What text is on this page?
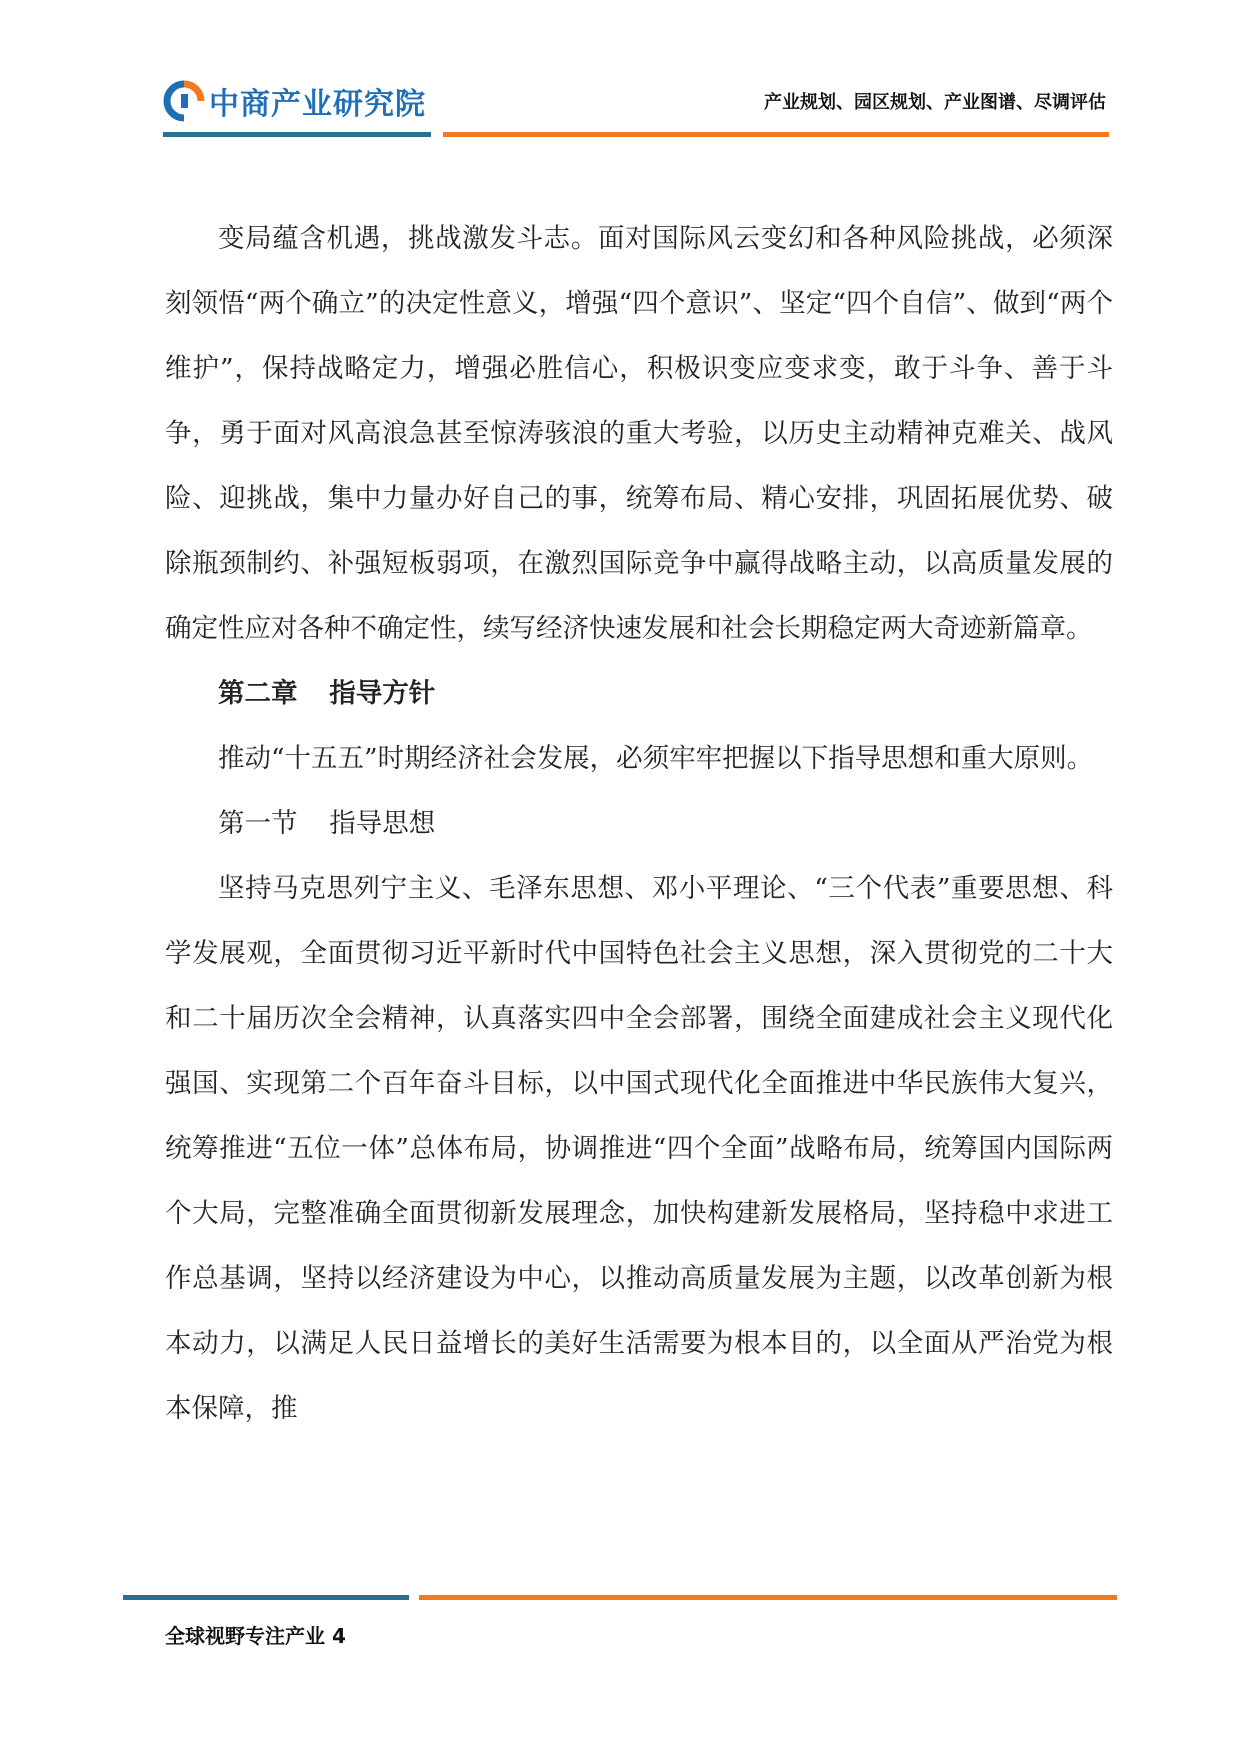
中商产业研究院	产业规划、园区规划、产业图谱、尽调评估

变局蕴含机遇，挑战激发斗志。面对国际风云变幻和各种风险挑战，必须深刻领悟“两个确立”的决定性意义，增强“四个意识”、坚定“四个自信”、做到“两个维护”，保持战略定力，增强必胜信心，积极识变应变求变，敢于斗争、善于斗争，勇于面对风高浪急甚至惊涛骇浪的重大考验，以历史主动精神克难关、战风险、迎挑战，集中力量办好自己的事，统筹布局、精心安排，巩固拓展优势、破除瓶颈制约、补强短板弱项，在激烈国际竞争中赢得战略主动，以高质量发展的确定性应对各种不确定性，续写经济快速发展和社会长期稳定两大奇迹新篇章。

第二章 指导方针

推动“十五五”时期经济社会发展，必须牢牢把握以下指导思想和重大原则。

第一节 指导思想

坚持马克思列宁主义、毛泽东思想、邓小平理论、“三个代表”重要思想、科学发展观，全面贯彻习近平新时代中国特色社会主义思想，深入贯彻党的二十大和二十届历次全会精神，认真落实四中全会部署，围绕全面建成社会主义现代化强国、实现第二个百年奋斗目标，以中国式现代化全面推进中华民族伟大复兴，统筹推进“五位一体”总体布局，协调推进“四个全面”战略布局，统筹国内国际两个大局，完整准确全面贯彻新发展理念，加快构建新发展格局，坚持稳中求进工作总基调，坚持以经济建设为中心，以推动高质量发展为主题，以改革创新为根本动力，以满足人民日益增长的美好生活需要为根本目的，以全面从严治党为根本保障，推

全球视野专注产业 4
